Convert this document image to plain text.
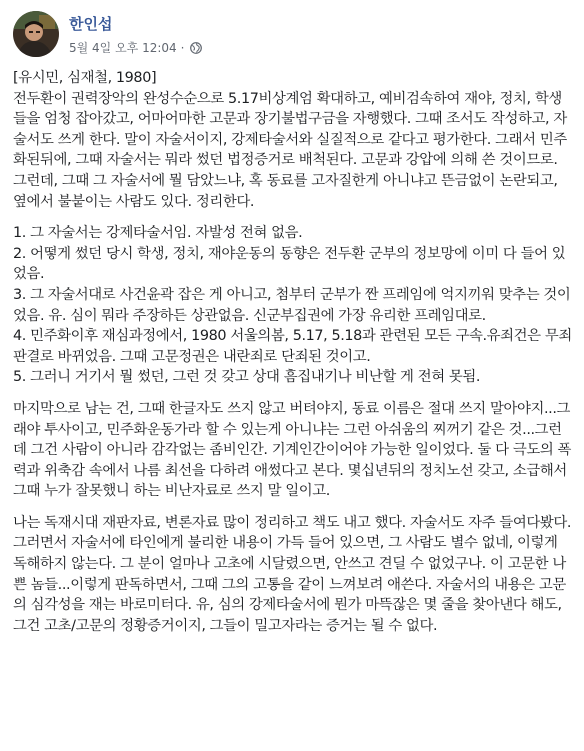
한인섭
5월 4일 오후 12:04 ·

[유시민, 심재철, 1980]
전두환이 권력장악의 완성수순으로 5.17비상계엄 확대하고, 예비검속하여 재야, 정치, 학생들을 엄청 잡아갔고, 어마어마한 고문과 장기불법구금을 자행했다. 그때 조서도 작성하고, 자술서도 쓰게 한다. 말이 자술서이지, 강제타술서와 실질적으로 같다고 평가한다. 그래서 민주화된뒤에, 그때 자술서는 뭐라 썼던 법정증거로 배척된다. 고문과 강압에 의해 쓴 것이므로.
그런데, 그때 그 자술서에 뭘 담았느냐, 혹 동료를 고자질한게 아니냐고 뜬금없이 논란되고, 옆에서 불붙이는 사람도 있다. 정리한다.

1. 그 자술서는 강제타술서임. 자발성 전혀 없음.
2. 어떻게 썼던 당시 학생, 정치, 재야운동의 동향은 전두환 군부의 정보망에 이미 다 들어 있었음.
3. 그 자술서대로 사건윤곽 잡은 게 아니고, 첨부터 군부가 짠 프레임에 억지끼워 맞추는 것이었음. 유. 심이 뭐라 주장하든 상관없음. 신군부집권에 가장 유리한 프레임대로.
4. 민주화이후 재심과정에서, 1980 서울의봄, 5.17, 5.18과 관련된 모든 구속.유죄건은 무죄판결로 바뀌었음. 그때 고문정권은 내란죄로 단죄된 것이고.
5. 그러니 거기서 뭘 썼던, 그런 것 갖고 상대 흠집내기나 비난할 게 전혀 못됨.

마지막으로 남는 건, 그때 한글자도 쓰지 않고 버텨야지, 동료 이름은 절대 쓰지 말아야지...그래야 투사이고, 민주화운동가라 할 수 있는게 아니냐는 그런 아쉬움의 찌꺼기 같은 것...그런데 그건 사람이 아니라 감각없는 좀비인간. 기계인간이어야 가능한 일이었다. 둘 다 극도의 폭력과 위축감 속에서 나름 최선을 다하려 애썼다고 본다. 몇십년뒤의 정치노선 갖고, 소급해서 그때 누가 잘못했니 하는 비난자료로 쓰지 말 일이고.

나는 독재시대 재판자료, 변론자료 많이 정리하고 책도 내고 했다. 자술서도 자주 들여다봤다. 그러면서 자술서에 타인에게 불리한 내용이 가득 들어 있으면, 그 사람도 별수 없네, 이렇게 독해하지 않는다. 그 분이 얼마나 고초에 시달렸으면, 안쓰고 견딜 수 없었구나. 이 고문한 나쁜 놈들...이렇게 판독하면서, 그때 그의 고통을 같이 느껴보려 애쓴다. 자술서의 내용은 고문의 심각성을 재는 바로미터다. 유, 심의 강제타술서에 뭔가 마뜩잖은 몇 줄을 찾아낸다 해도, 그건 고초/고문의 정황증거이지, 그들이 밀고자라는 증거는 될 수 없다.
